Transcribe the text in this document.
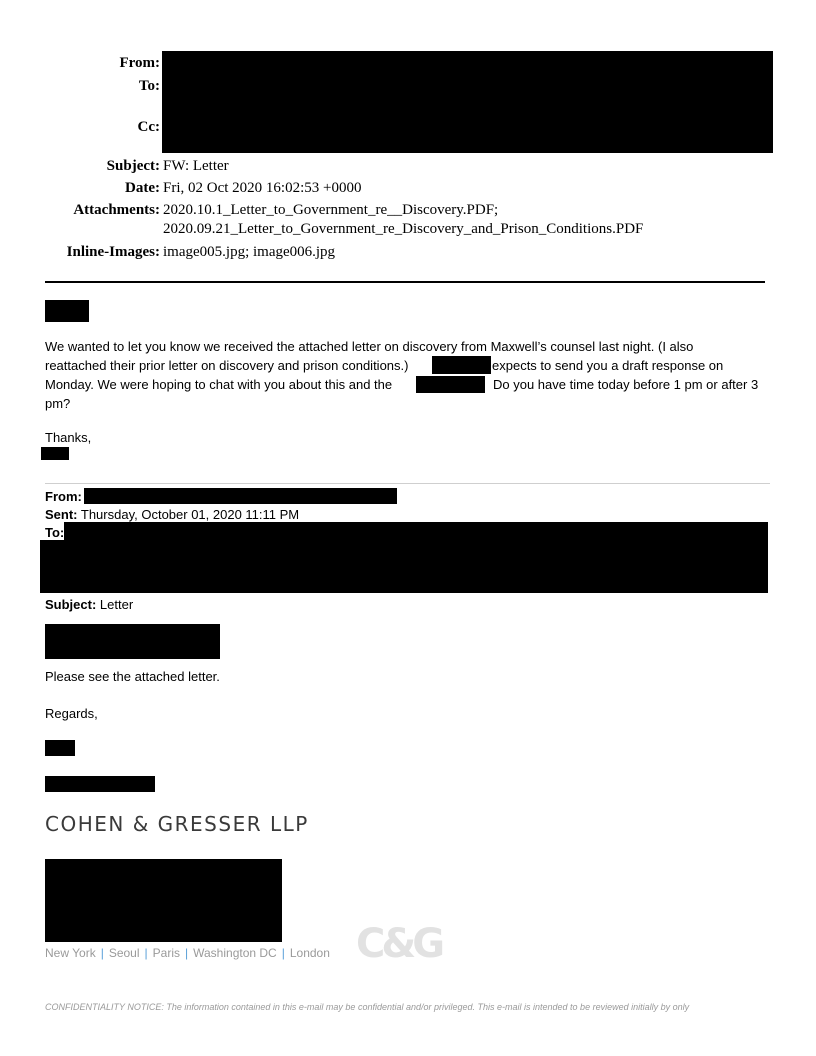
From:
To:
Cc:
Subject: FW: Letter
Date: Fri, 02 Oct 2020 16:02:53 +0000
Attachments: 2020.10.1_Letter_to_Government_re__Discovery.PDF;
2020.09.21_Letter_to_Government_re_Discovery_and_Prison_Conditions.PDF
Inline-Images: image005.jpg; image006.jpg
We wanted to let you know we received the attached letter on discovery from Maxwell’s counsel last night. (I also
reattached their prior letter on discovery and prison conditions.)	expects to send you a draft response on
Monday. We were hoping to chat with you about this and the	Do you have time today before 1 pm or after 3
pm?
Thanks,
From:
Sent: Thursday, October 01, 2020 11:11 PM
To:
Subject: Letter
Please see the attached letter.
Regards,
COHEN & GRESSER LLP
New York | Seoul | Paris | Washington DC | London C&G
CONFIDENTIALITY NOTICE: The information contained in this e-mail may be confidential and/or privileged. This e-mail is intended to be reviewed initially by only
